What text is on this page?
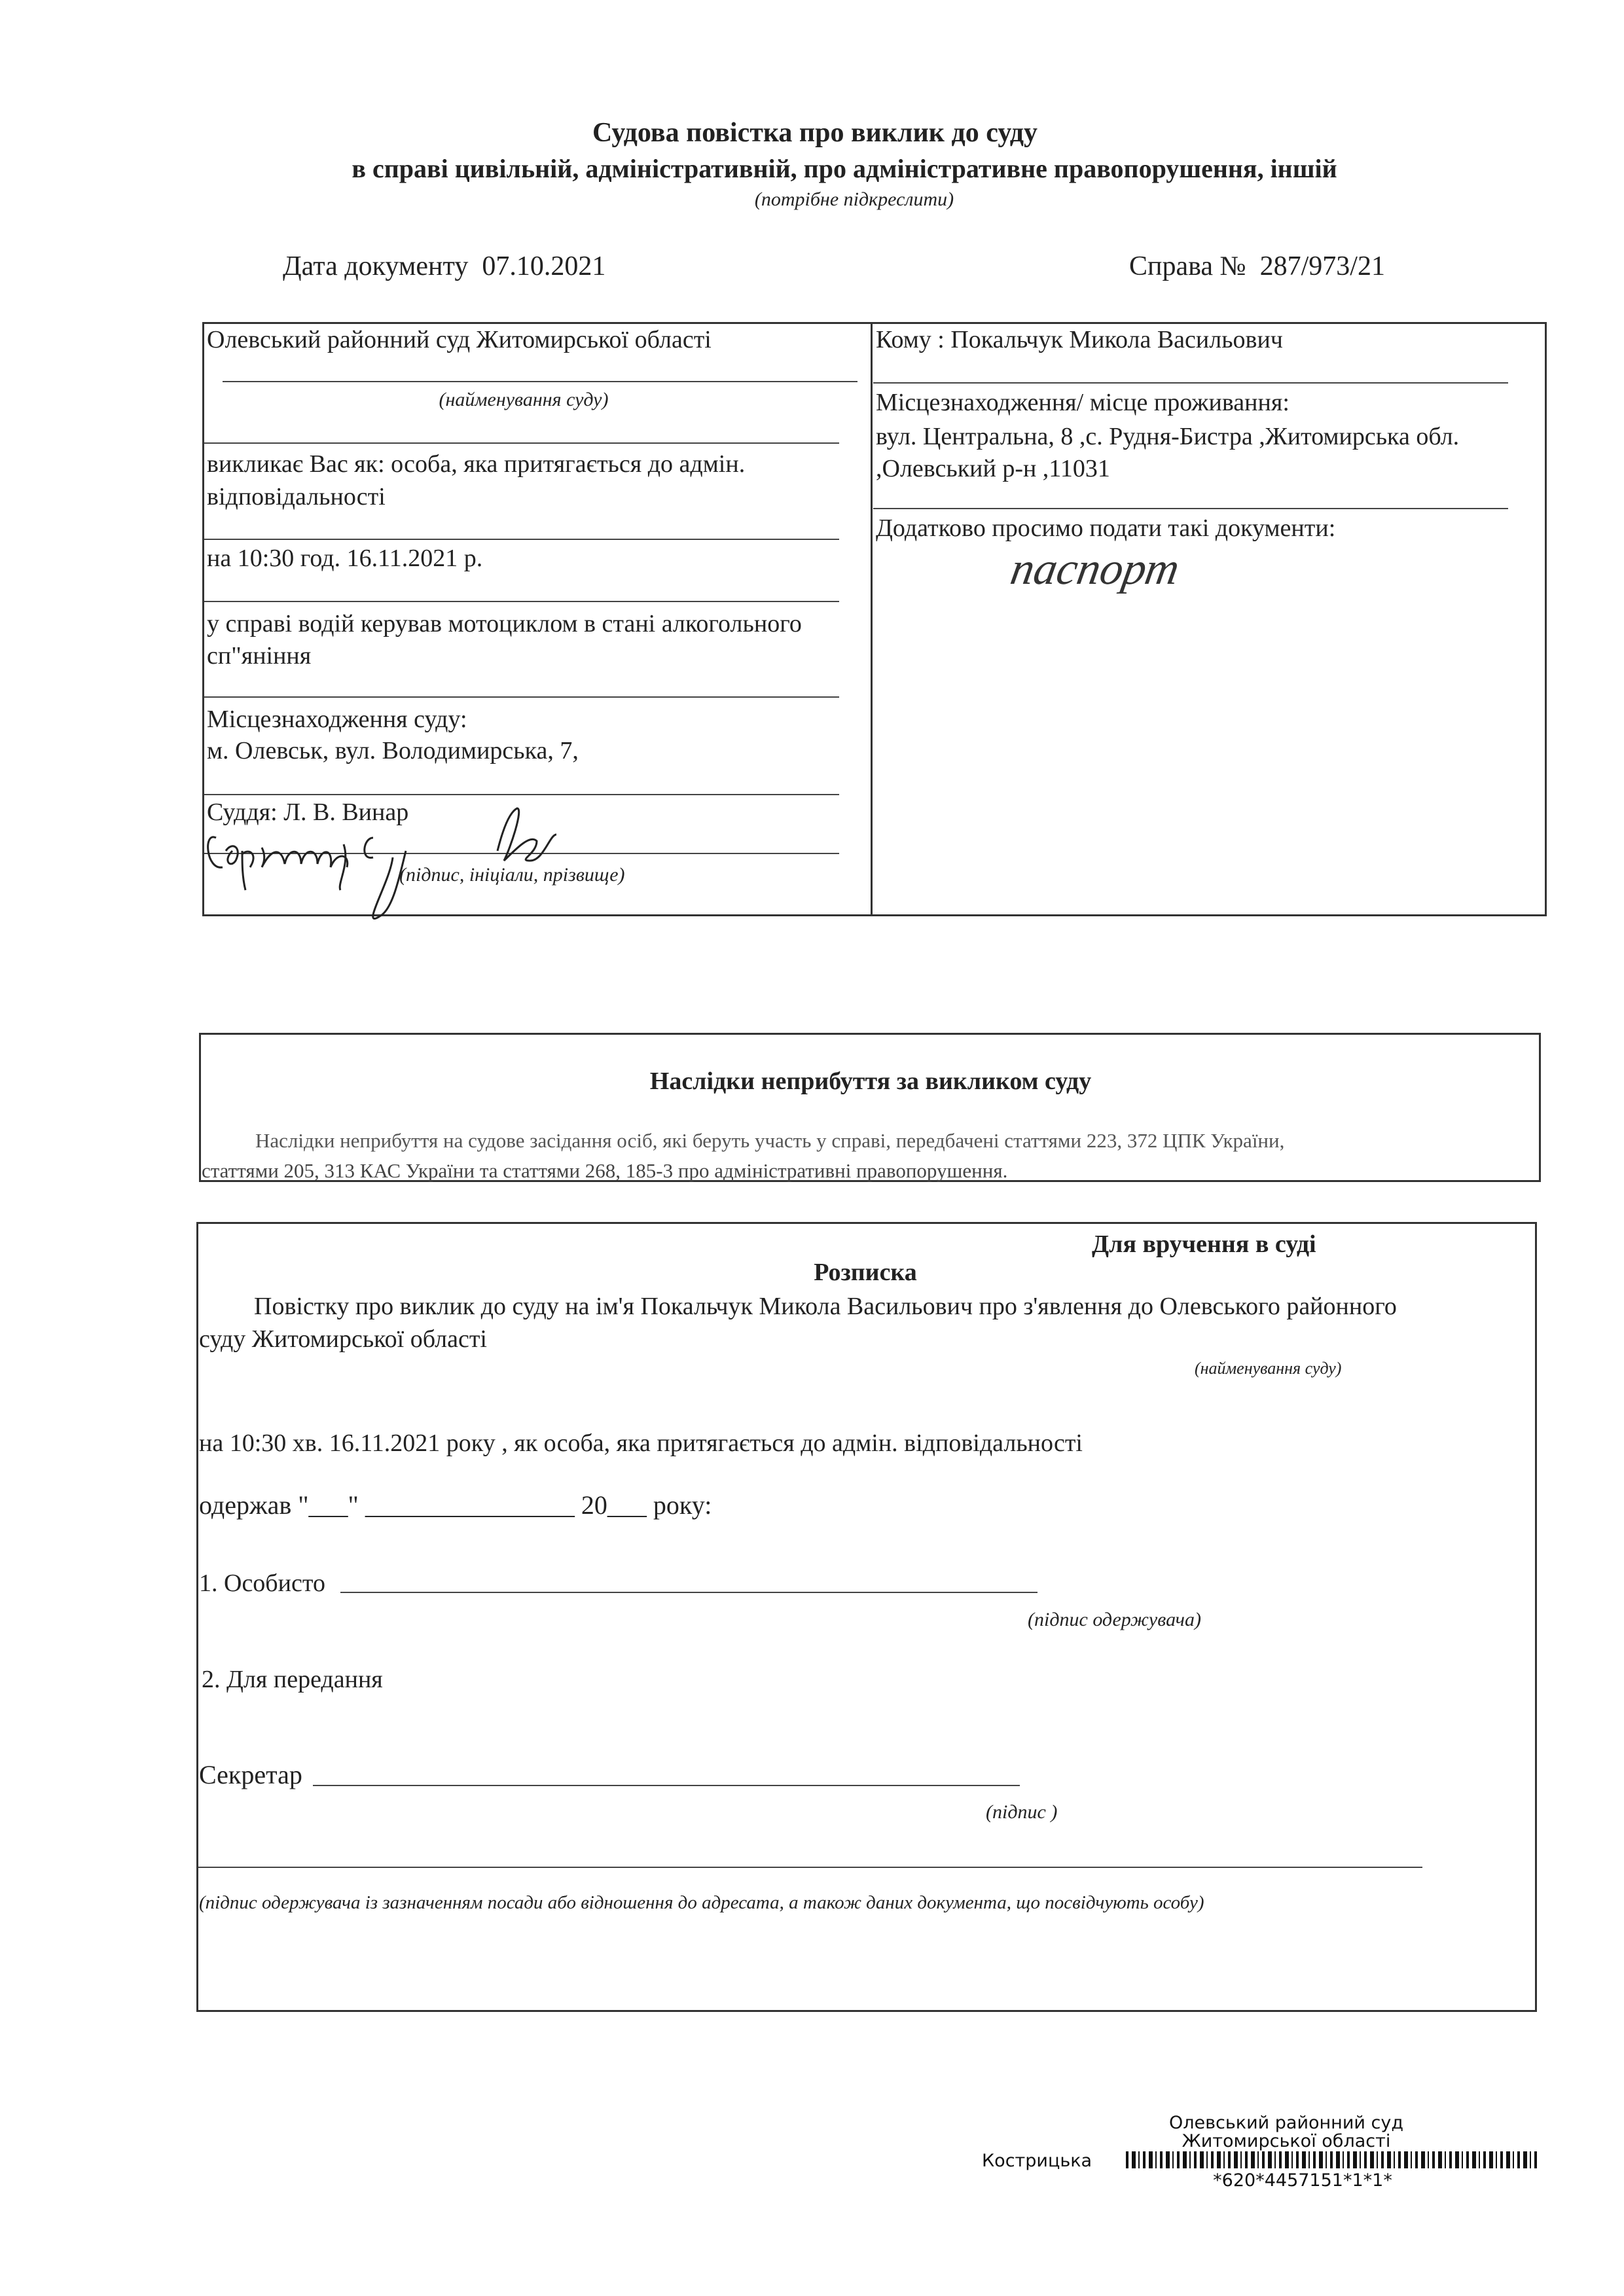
Судова повістка про виклик до суду
в справі цивільній, адміністративній, про адміністративне правопорушення, іншій
(потрібне підкреслити)
Дата документу 07.10.2021	Справа № 287/973/21
Олевський районний суд Житомирської області
(найменування суду)
викликає Вас як: особа, яка притягається до адмін.
відповідальності
на 10:30 год. 16.11.2021 р.
у справі водій керував мотоциклом в стані алкогольного
сп"яніння
Місцезнаходження суду:
м. Олевськ, вул. Володимирська, 7,
Суддя: Л. В. Винар
(підпис, ініціали, прізвище)
Кому : Покальчук Микола Васильович
Місцезнаходження/ місце проживання:
вул. Центральна, 8 ,с. Рудня-Бистра ,Житомирська обл.
,Олевський р-н ,11031
Додатково просимо подати такі документи:
паспорт
Наслідки неприбуття за викликом суду
Наслідки неприбуття на судове засідання осіб, які беруть участь у справі, передбачені статтями 223, 372 ЦПК України,
статтями 205, 313 КАС України та статтями 268, 185-3 про адміністративні правопорушення.
Для вручення в суді
Розписка
Повістку про виклик до суду на ім'я Покальчук Микола Васильович про з'явлення до Олевського районного
суду Житомирської області
(найменування суду)
на 10:30 хв. 16.11.2021 року , як особа, яка притягається до адмін. відповідальності
одержав "___" ________________ 20___ року:
1. Особисто
(підпис одержувача)
2. Для передання
Секретар
(підпис )
(підпис одержувача із зазначенням посади або відношення до адресата, а також даних документа, що посвідчують особу)
Олевський районний суд
Житомирської області
Кострицька
*620*4457151*1*1*
